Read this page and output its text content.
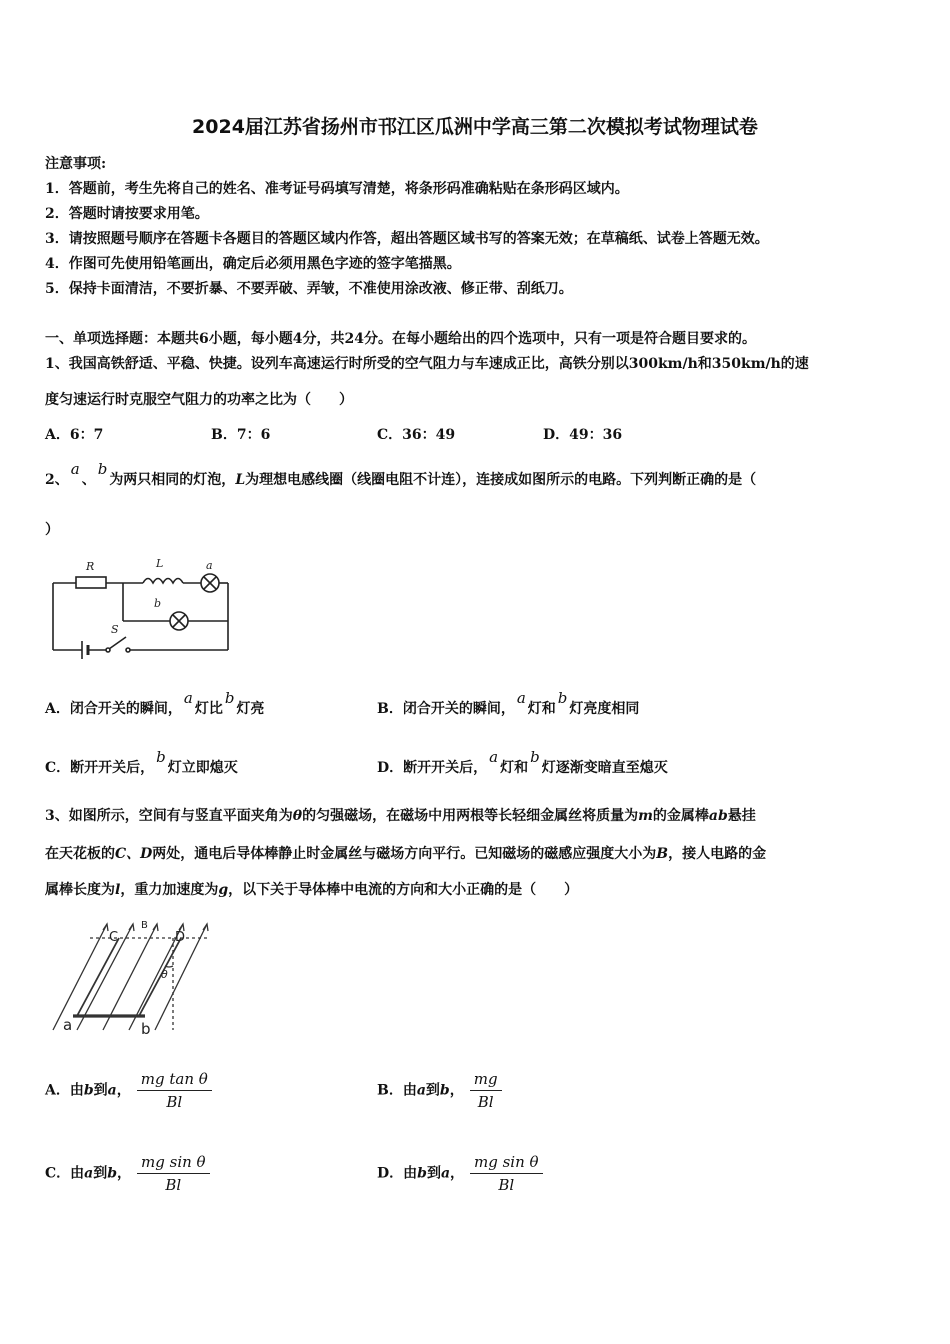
2024届江苏省扬州市邗江区瓜洲中学高三第二次模拟考试物理试卷
注意事项:
1．答题前，考生先将自己的姓名、准考证号码填写清楚，将条形码准确粘贴在条形码区域内。
2．答题时请按要求用笔。
3．请按照题号顺序在答题卡各题目的答题区域内作答，超出答题区域书写的答案无效；在草稿纸、试卷上答题无效。
4．作图可先使用铅笔画出，确定后必须用黑色字迹的签字笔描黑。
5．保持卡面清洁，不要折暴、不要弄破、弄皱，不准使用涂改液、修正带、刮纸刀。
一、单项选择题：本题共6小题，每小题4分，共24分。在每小题给出的四个选项中，只有一项是符合题目要求的。
1、我国高铁舒适、平稳、快捷。设列车高速运行时所受的空气阻力与车速成正比，高铁分别以300km/h和350km/h的速
度匀速运行时克服空气阻力的功率之比为（　　）
A．6：7	B．7：6	C．36：49	D．49：36
2、a、b为两只相同的灯泡，L为理想电感线圈（线圈电阻不计连），连接成如图所示的电路。下列判断正确的是（
）
R	L	a
b
S
A．闭合开关的瞬间，a灯比b灯亮	B．闭合开关的瞬间，a灯和b灯亮度相同
C．断开开关后，b灯立即熄灭	D．断开开关后，a灯和b灯逐渐变暗直至熄灭
3、如图所示，空间有与竖直平面夹角为θ的匀强磁场，在磁场中用两根等长轻细金属丝将质量为m的金属棒ab悬挂
在天花板的C、D两处，通电后导体棒静止时金属丝与磁场方向平行。已知磁场的磁感应强度大小为B，接人电路的金
属棒长度为l，重力加速度为g，以下关于导体棒中电流的方向和大小正确的是（　　）
C	D
B
θ
a	b
A．由b到a， $\frac{\text{mg tan θ}}{Bl}$	B．由a到b， $\frac{mg}{Bl}$
C．由a到b， $\frac{\text{mg sin θ}}{Bl}$	D．由b到a， $\frac{\text{mg sin θ}}{Bl}$
